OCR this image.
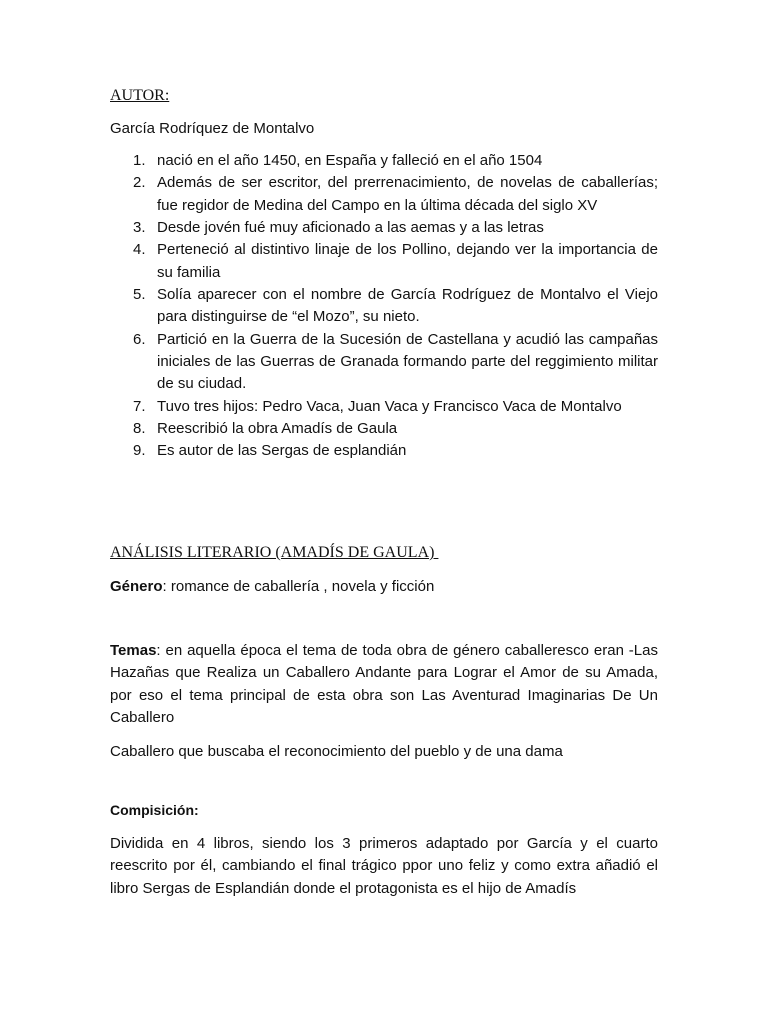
AUTOR:
García Rodríquez de Montalvo
1. nació en el año 1450, en España y falleció en el año 1504
2. Además de ser escritor, del prerrenacimiento, de novelas de caballerías; fue regidor de Medina del Campo en la última década del siglo XV
3. Desde jovén fué muy aficionado a las aemas y a las letras
4. Perteneció al distintivo linaje de los Pollino, dejando ver la importancia de su familia
5. Solía aparecer con el nombre de García Rodríguez de Montalvo el Viejo para distinguirse de “el Mozo”, su nieto.
6. Partició en la Guerra de la Sucesión de Castellana y acudió las campañas iniciales de las Guerras de Granada formando parte del reggimiento militar de su ciudad.
7. Tuvo tres hijos: Pedro Vaca, Juan Vaca y Francisco Vaca de Montalvo
8. Reescribió la obra Amadís de Gaula
9. Es autor de las Sergas de esplandián
ANÁLISIS LITERARIO (AMADÍS DE GAULA)
Género: romance de caballería , novela y ficción
Temas: en aquella época el tema de toda obra de género caballeresco eran -Las Hazañas que Realiza un Caballero Andante para Lograr el Amor de su Amada, por eso el tema principal de esta obra son Las Aventurad Imaginarias De Un Caballero
Caballero que buscaba el reconocimiento del pueblo y de una dama
Compisición:
Dividida en 4 libros, siendo los 3 primeros adaptado por García y el cuarto reescrito por él, cambiando el final trágico ppor uno feliz y como extra añadió el libro Sergas de Esplandián donde el protagonista es el hijo de Amadís
